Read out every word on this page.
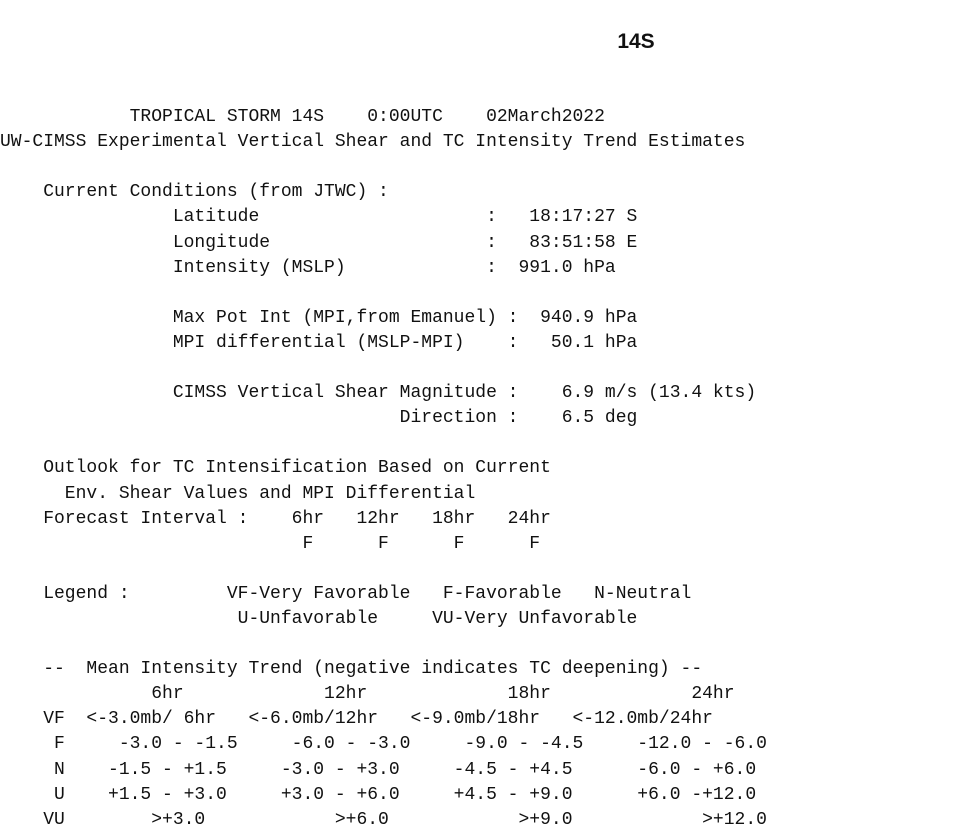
14S

TROPICAL STORM 14S    0:00UTC    02March2022
UW-CIMSS Experimental Vertical Shear and TC Intensity Trend Estimates

Current Conditions (from JTWC) :
Latitude                     :   18:17:27 S
Longitude                    :   83:51:58 E
Intensity (MSLP)             :  991.0 hPa

Max Pot Int (MPI,from Emanuel) :  940.9 hPa
MPI differential (MSLP-MPI)    :   50.1 hPa

CIMSS Vertical Shear Magnitude :    6.9 m/s (13.4 kts)
Direction :    6.5 deg

Outlook for TC Intensification Based on Current
Env. Shear Values and MPI Differential
Forecast Interval :    6hr   12hr   18hr   24hr
F      F      F      F

Legend :         VF-Very Favorable   F-Favorable   N-Neutral
U-Unfavorable     VU-Very Unfavorable

--  Mean Intensity Trend (negative indicates TC deepening) --
6hr             12hr             18hr             24hr
VF  <-3.0mb/ 6hr   <-6.0mb/12hr   <-9.0mb/18hr   <-12.0mb/24hr
F     -3.0 - -1.5     -6.0 - -3.0     -9.0 - -4.5     -12.0 - -6.0
N    -1.5 - +1.5     -3.0 - +3.0     -4.5 - +4.5      -6.0 - +6.0
U    +1.5 - +3.0     +3.0 - +6.0     +4.5 - +9.0      +6.0 -+12.0
VU        >+3.0            >+6.0            >+9.0            >+12.0
